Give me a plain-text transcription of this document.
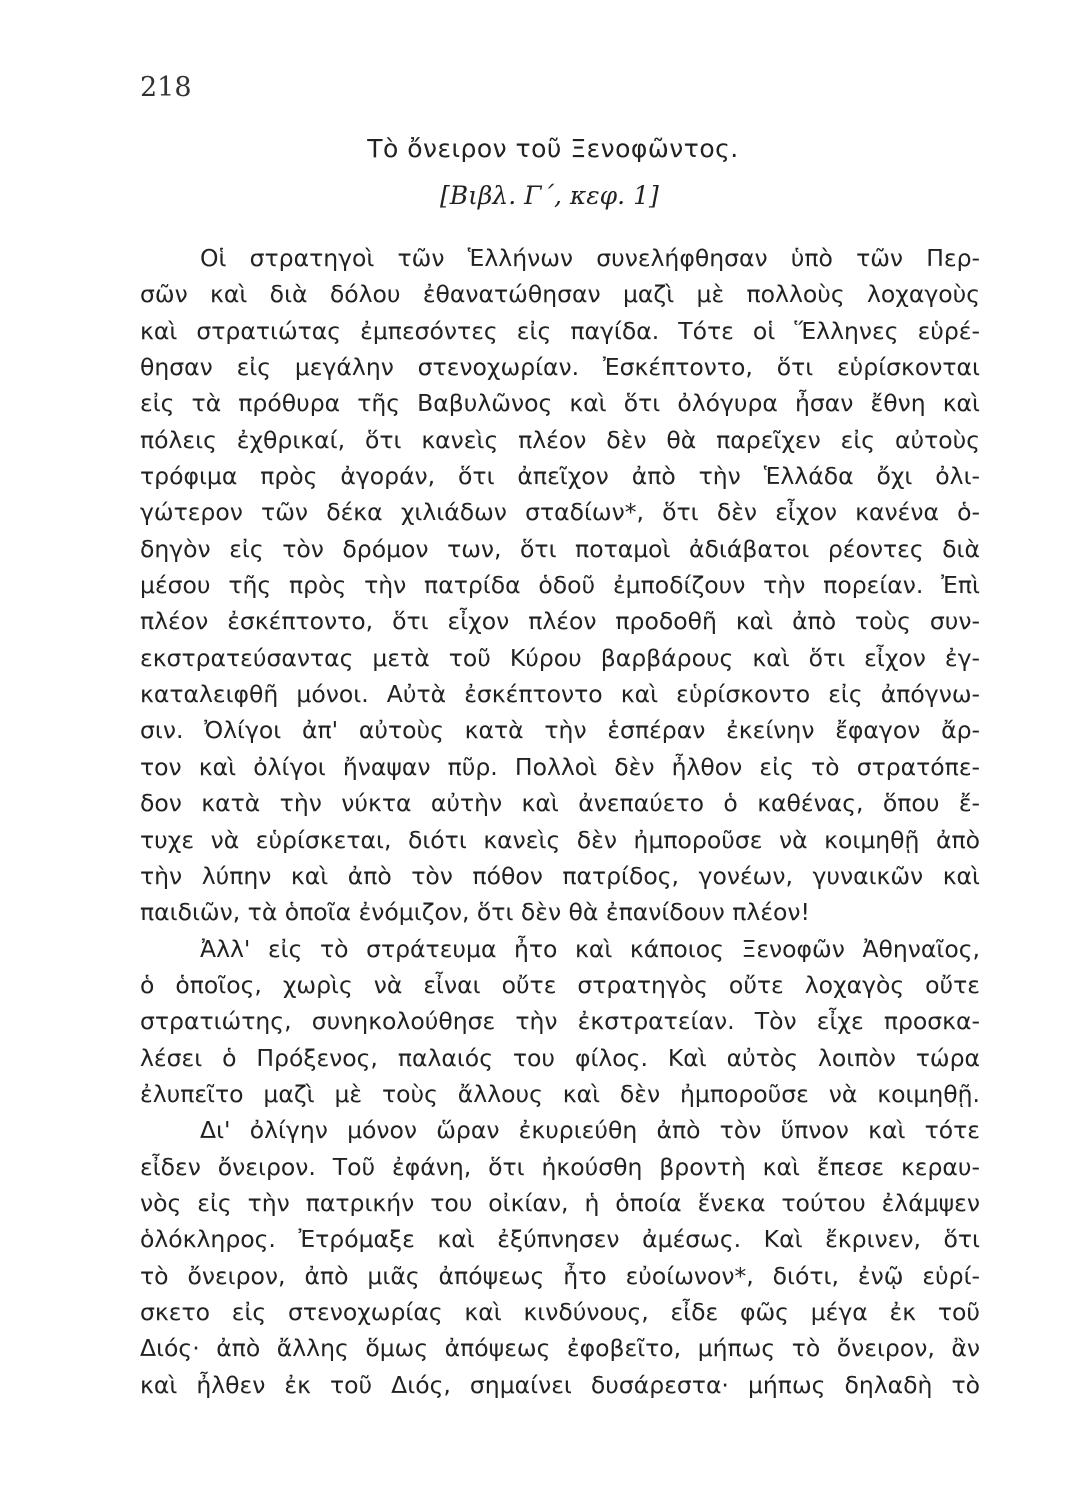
218
Τὸ ὄνειρον τοῦ Ξενοφῶντος.
[Βιβλ. Γ΄, κεφ. 1]
Οἱ στρατηγοὶ τῶν Ἑλλήνων συνελήφθησαν ὑπὸ τῶν Περ-
σῶν καὶ διὰ δόλου ἐθανατώθησαν μαζὶ μὲ πολλοὺς λοχαγοὺς
καὶ στρατιώτας ἐμπεσόντες εἰς παγίδα. Τότε οἱ Ἕλληνες εὑρέ-
θησαν εἰς μεγάλην στενοχωρίαν. Ἐσκέπτοντο, ὅτι εὑρίσκονται
εἰς τὰ πρόθυρα τῆς Βαβυλῶνος καὶ ὅτι ὀλόγυρα ἦσαν ἔθνη καὶ
πόλεις ἐχθρικαί, ὅτι κανεὶς πλέον δὲν θὰ παρεῖχεν εἰς αὐτοὺς
τρόφιμα πρὸς ἀγοράν, ὅτι ἀπεῖχον ἀπὸ τὴν Ἑλλάδα ὄχι ὀλι-
γώτερον τῶν δέκα χιλιάδων σταδίων*, ὅτι δὲν εἶχον κανένα ὁ-
δηγὸν εἰς τὸν δρόμον των, ὅτι ποταμοὶ ἀδιάβατοι ρέοντες διὰ
μέσου τῆς πρὸς τὴν πατρίδα ὁδοῦ ἐμποδίζουν τὴν πορείαν. Ἐπὶ
πλέον ἐσκέπτοντο, ὅτι εἶχον πλέον προδοθῆ καὶ ἀπὸ τοὺς συν-
εκστρατεύσαντας μετὰ τοῦ Κύρου βαρβάρους καὶ ὅτι εἶχον ἐγ-
καταλειφθῆ μόνοι. Αὐτὰ ἐσκέπτοντο καὶ εὑρίσκοντο εἰς ἀπόγνω-
σιν. Ὀλίγοι ἀπ' αὐτοὺς κατὰ τὴν ἑσπέραν ἐκείνην ἔφαγον ἄρ-
τον καὶ ὀλίγοι ἤναψαν πῦρ. Πολλοὶ δὲν ἦλθον εἰς τὸ στρατόπε-
δον κατὰ τὴν νύκτα αὐτὴν καὶ ἀνεπαύετο ὁ καθένας, ὅπου ἔ-
τυχε νὰ εὑρίσκεται, διότι κανεὶς δὲν ἠμποροῦσε νὰ κοιμηθῇ ἀπὸ
τὴν λύπην καὶ ἀπὸ τὸν πόθον πατρίδος, γονέων, γυναικῶν καὶ
παιδιῶν, τὰ ὁποῖα ἐνόμιζον, ὅτι δὲν θὰ ἐπανίδουν πλέον!
Ἀλλ' εἰς τὸ στράτευμα ἦτο καὶ κάποιος Ξενοφῶν Ἀθηναῖος,
ὁ ὁποῖος, χωρὶς νὰ εἶναι οὔτε στρατηγὸς οὔτε λοχαγὸς οὔτε
στρατιώτης, συνηκολούθησε τὴν ἐκστρατείαν. Τὸν εἶχε προσκα-
λέσει ὁ Πρόξενος, παλαιός του φίλος. Καὶ αὐτὸς λοιπὸν τώρα
ἐλυπεῖτο μαζὶ μὲ τοὺς ἄλλους καὶ δὲν ἠμποροῦσε νὰ κοιμηθῇ.
Δι' ὀλίγην μόνον ὥραν ἐκυριεύθη ἀπὸ τὸν ὕπνον καὶ τότε
εἶδεν ὄνειρον. Τοῦ ἐφάνη, ὅτι ἠκούσθη βροντὴ καὶ ἔπεσε κεραυ-
νὸς εἰς τὴν πατρικήν του οἰκίαν, ἡ ὁποία ἕνεκα τούτου ἐλάμψεν
ὁλόκληρος. Ἐτρόμαξε καὶ ἐξύπνησεν ἀμέσως. Καὶ ἔκρινεν, ὅτι
τὸ ὄνειρον, ἀπὸ μιᾶς ἀπόψεως ἦτο εὐοίωνον*, διότι, ἐνῷ εὑρί-
σκετο εἰς στενοχωρίας καὶ κινδύνους, εἶδε φῶς μέγα ἐκ τοῦ
Διός· ἀπὸ ἄλλης ὅμως ἀπόψεως ἐφοβεῖτο, μήπως τὸ ὄνειρον, ἂν
καὶ ἦλθεν ἐκ τοῦ Διός, σημαίνει δυσάρεστα· μήπως δηλαδὴ τὸ
